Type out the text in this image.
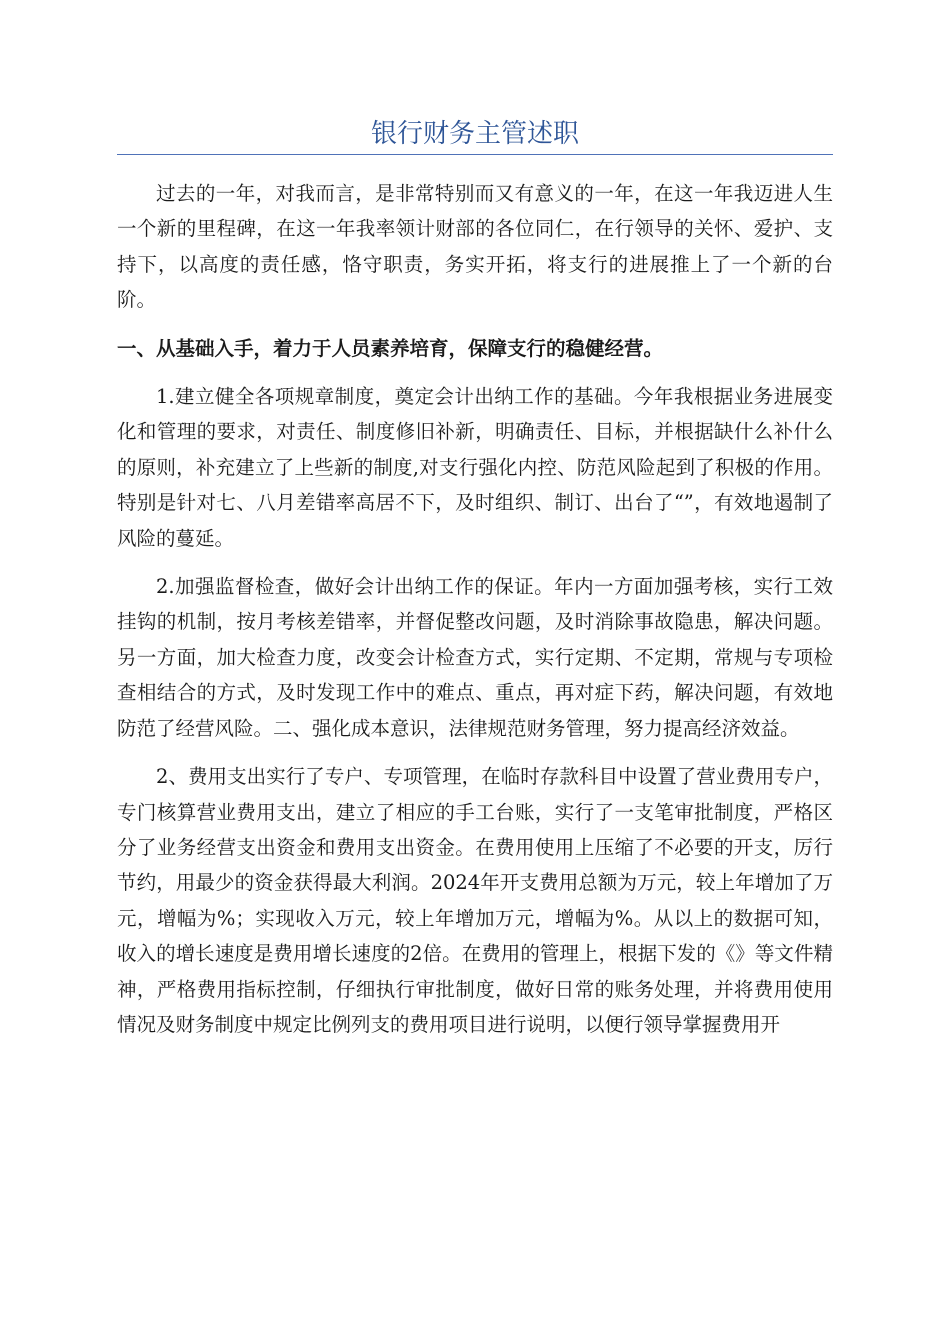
银行财务主管述职

过去的一年，对我而言，是非常特别而又有意义的一年，在这一年我迈进人生一个新的里程碑，在这一年我率领计财部的各位同仁，在行领导的关怀、爱护、支持下，以高度的责任感，恪守职责，务实开拓，将支行的进展推上了一个新的台阶。

一、从基础入手，着力于人员素养培育，保障支行的稳健经营。

1.建立健全各项规章制度，奠定会计出纳工作的基础。今年我根据业务进展变化和管理的要求，对责任、制度修旧补新，明确责任、目标，并根据缺什么补什么的原则，补充建立了上些新的制度,对支行强化内控、防范风险起到了积极的作用。特别是针对七、八月差错率高居不下，及时组织、制订、出台了“”，有效地遏制了风险的蔓延。

2.加强监督检查，做好会计出纳工作的保证。年内一方面加强考核，实行工效挂钩的机制，按月考核差错率，并督促整改问题，及时消除事故隐患，解决问题。另一方面，加大检查力度，改变会计检查方式，实行定期、不定期，常规与专项检查相结合的方式，及时发现工作中的难点、重点，再对症下药，解决问题，有效地防范了经营风险。二、强化成本意识，法律规范财务管理，努力提高经济效益。

2、费用支出实行了专户、专项管理，在临时存款科目中设置了营业费用专户，专门核算营业费用支出，建立了相应的手工台账，实行了一支笔审批制度，严格区分了业务经营支出资金和费用支出资金。在费用使用上压缩了不必要的开支，厉行节约，用最少的资金获得最大利润。2024年开支费用总额为万元，较上年增加了万元，增幅为%；实现收入万元，较上年增加万元，增幅为%。从以上的数据可知，收入的增长速度是费用增长速度的2倍。在费用的管理上，根据下发的《》等文件精神，严格费用指标控制，仔细执行审批制度，做好日常的账务处理，并将费用使用情况及财务制度中规定比例列支的费用项目进行说明，以便行领导掌握费用开
